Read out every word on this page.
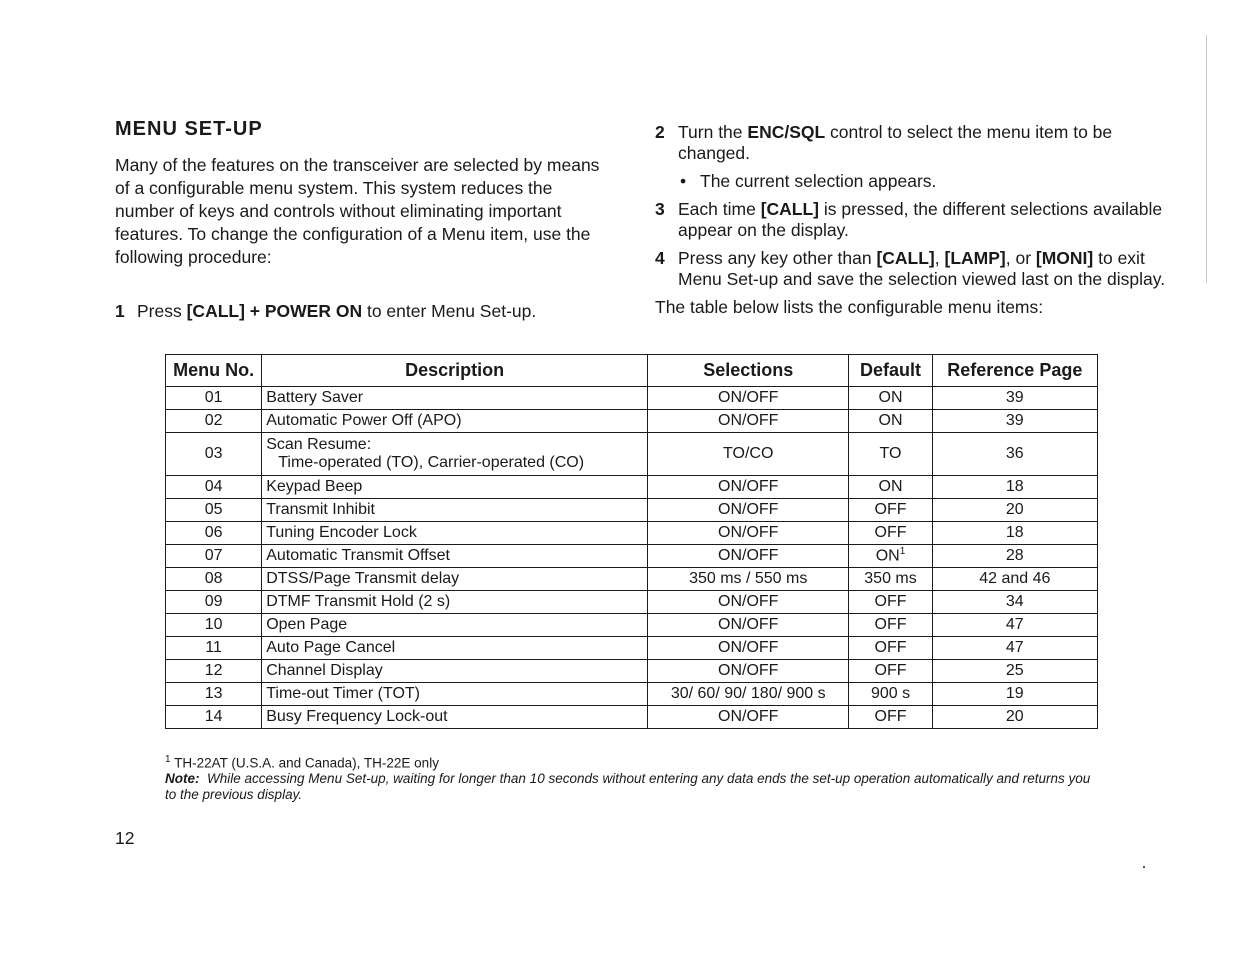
MENU SET-UP

Many of the features on the transceiver are selected by means of a configurable menu system. This system reduces the number of keys and controls without eliminating important features. To change the configuration of a Menu item, use the following procedure:

1 Press [CALL] + POWER ON to enter Menu Set-up.

2 Turn the ENC/SQL control to select the menu item to be changed.

• The current selection appears.

3 Each time [CALL] is pressed, the different selections available appear on the display.

4 Press any key other than [CALL], [LAMP], or [MONI] to exit Menu Set-up and save the selection viewed last on the display.

The table below lists the configurable menu items:

Menu No.	Description	Selections	Default	Reference Page
01	Battery Saver	ON/OFF	ON	39
02	Automatic Power Off (APO)	ON/OFF	ON	39
03	Scan Resume:
Time-operated (TO), Carrier-operated (CO)	TO/CO	TO	36
04	Keypad Beep	ON/OFF	ON	18
05	Transmit Inhibit	ON/OFF	OFF	20
06	Tuning Encoder Lock	ON/OFF	OFF	18
07	Automatic Transmit Offset	ON/OFF	$ON^1$	28
08	DTSS/Page Transmit delay	350 ms / 550 ms	350 ms	42 and 46
09	DTMF Transmit Hold (2 s)	ON/OFF	OFF	34
10	Open Page	ON/OFF	OFF	47
11	Auto Page Cancel	ON/OFF	OFF	47
12	Channel Display	ON/OFF	OFF	25
13	Time-out Timer (TOT)	30/ 60/ 90/ 180/ 900 s	900 s	19
14	Busy Frequency Lock-out	ON/OFF	OFF	20

$^1$ TH-22AT (U.S.A. and Canada), TH-22E only

Note: While accessing Menu Set-up, waiting for longer than 10 seconds without entering any data ends the set-up operation automatically and returns you to the previous display.

12
